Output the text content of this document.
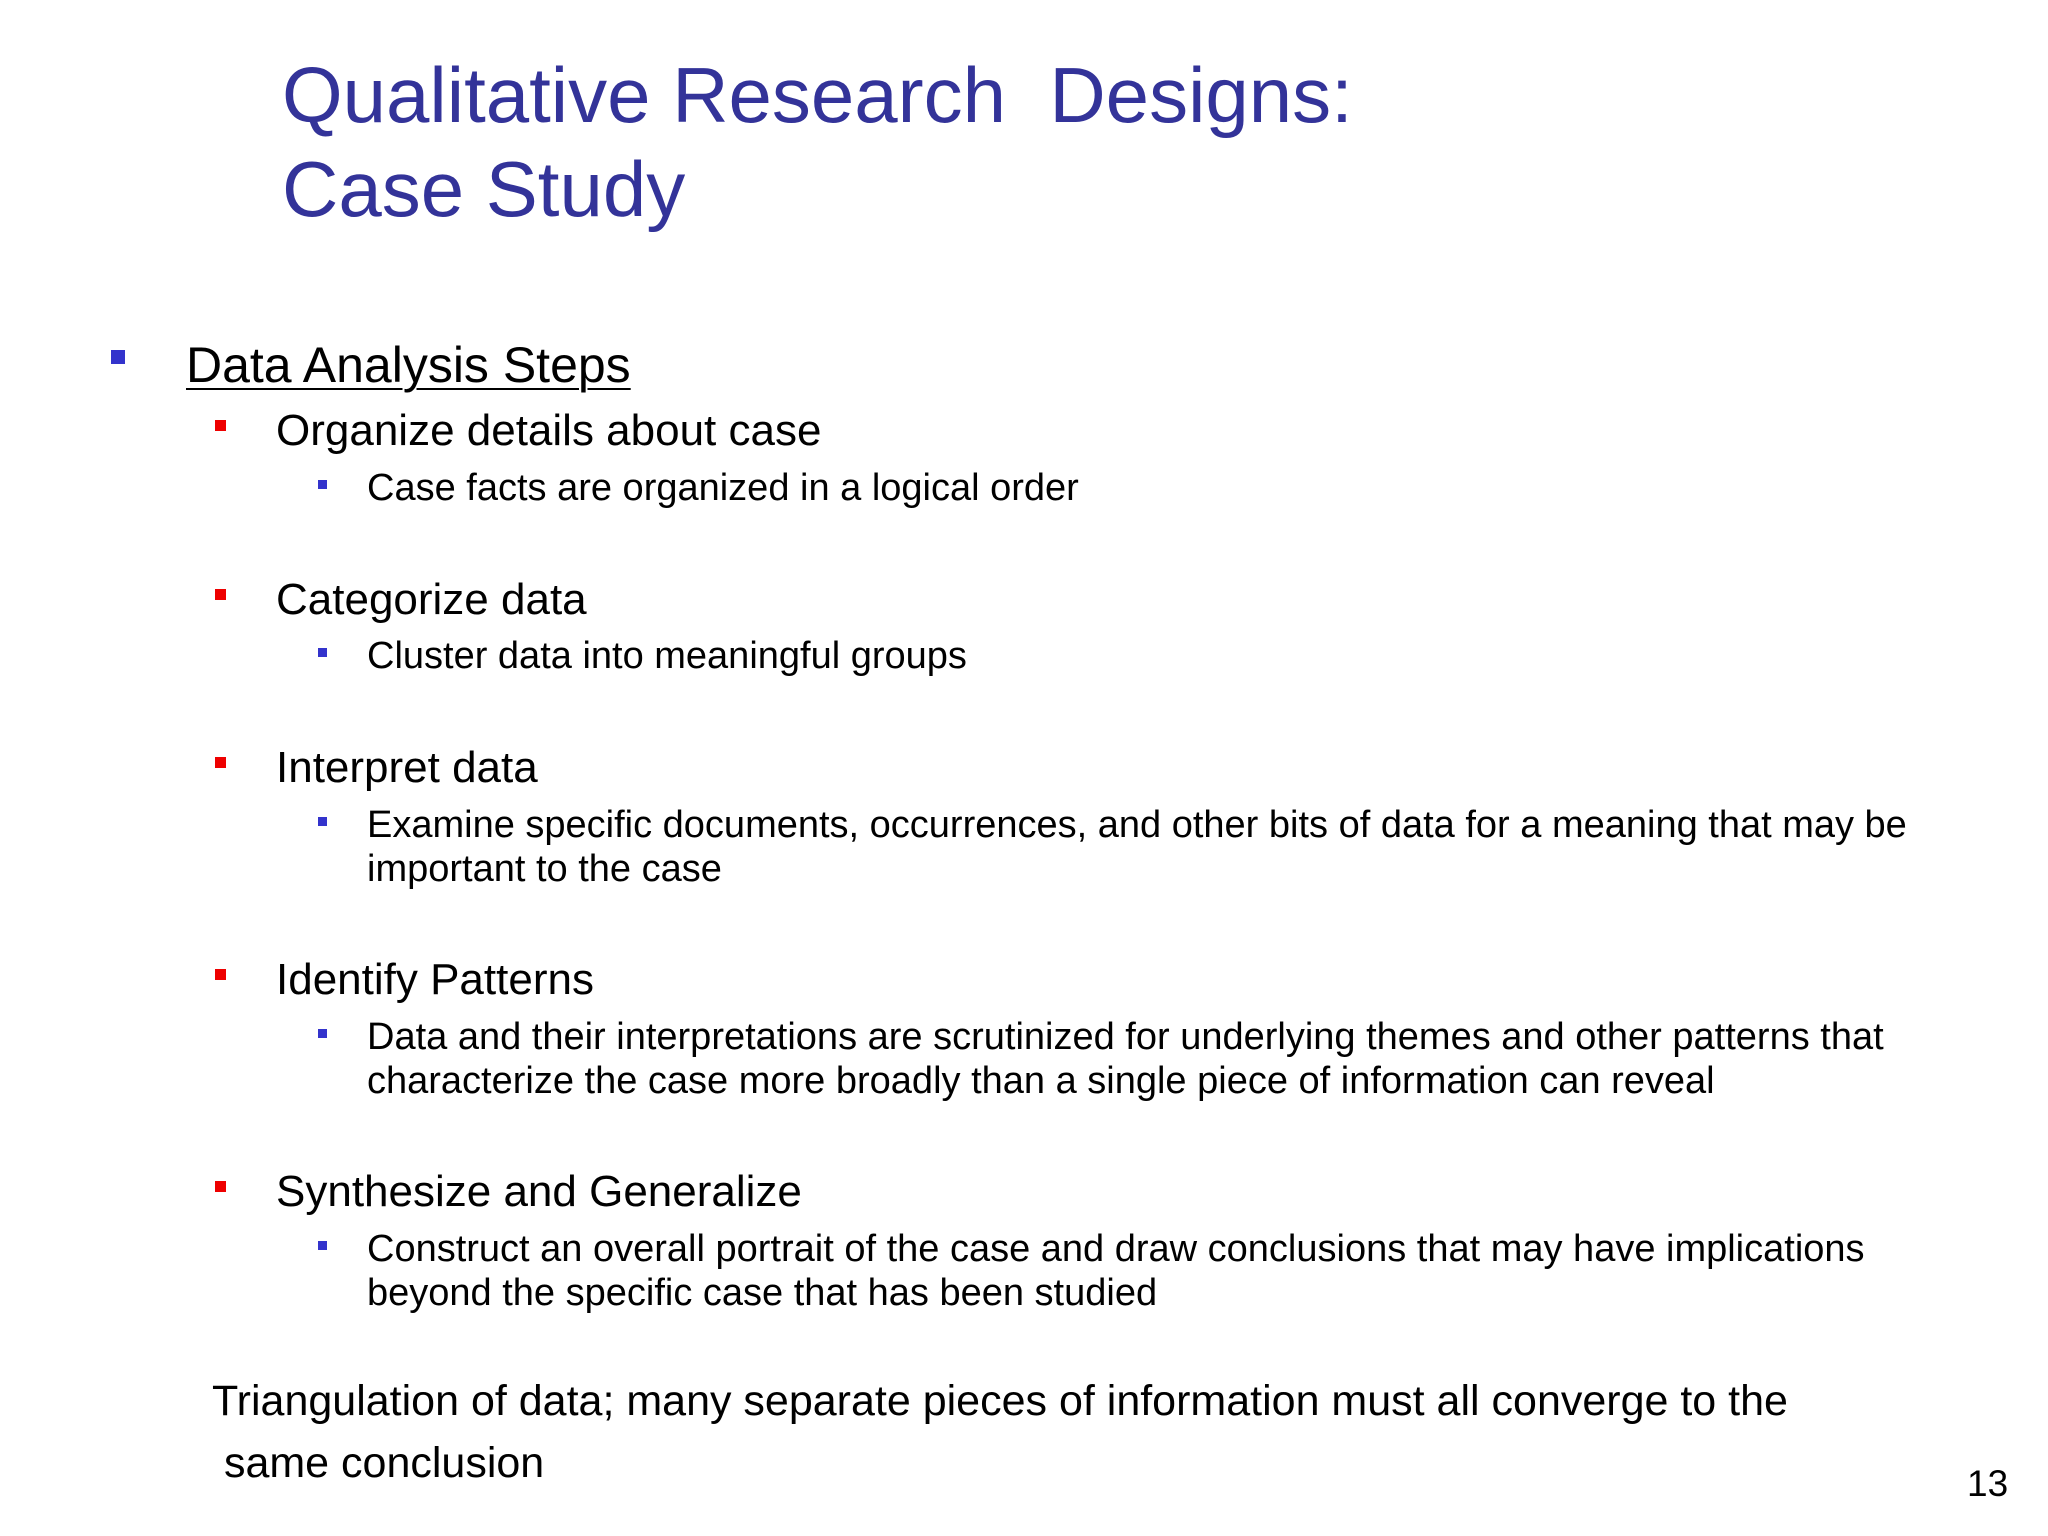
Qualitative Research  Designs:
Case Study
Data Analysis Steps
Organize details about case
Case facts are organized in a logical order
Categorize data
Cluster data into meaningful groups
Interpret data
Examine specific documents, occurrences, and other bits of data for a meaning that may be
important to the case
Identify Patterns
Data and their interpretations are scrutinized for underlying themes and other patterns that
characterize the case more broadly than a single piece of information can reveal
Synthesize and Generalize
Construct an overall portrait of the case and draw conclusions that may have implications
beyond the specific case that has been studied
Triangulation of data; many separate pieces of information must all converge to the
same conclusion	13
